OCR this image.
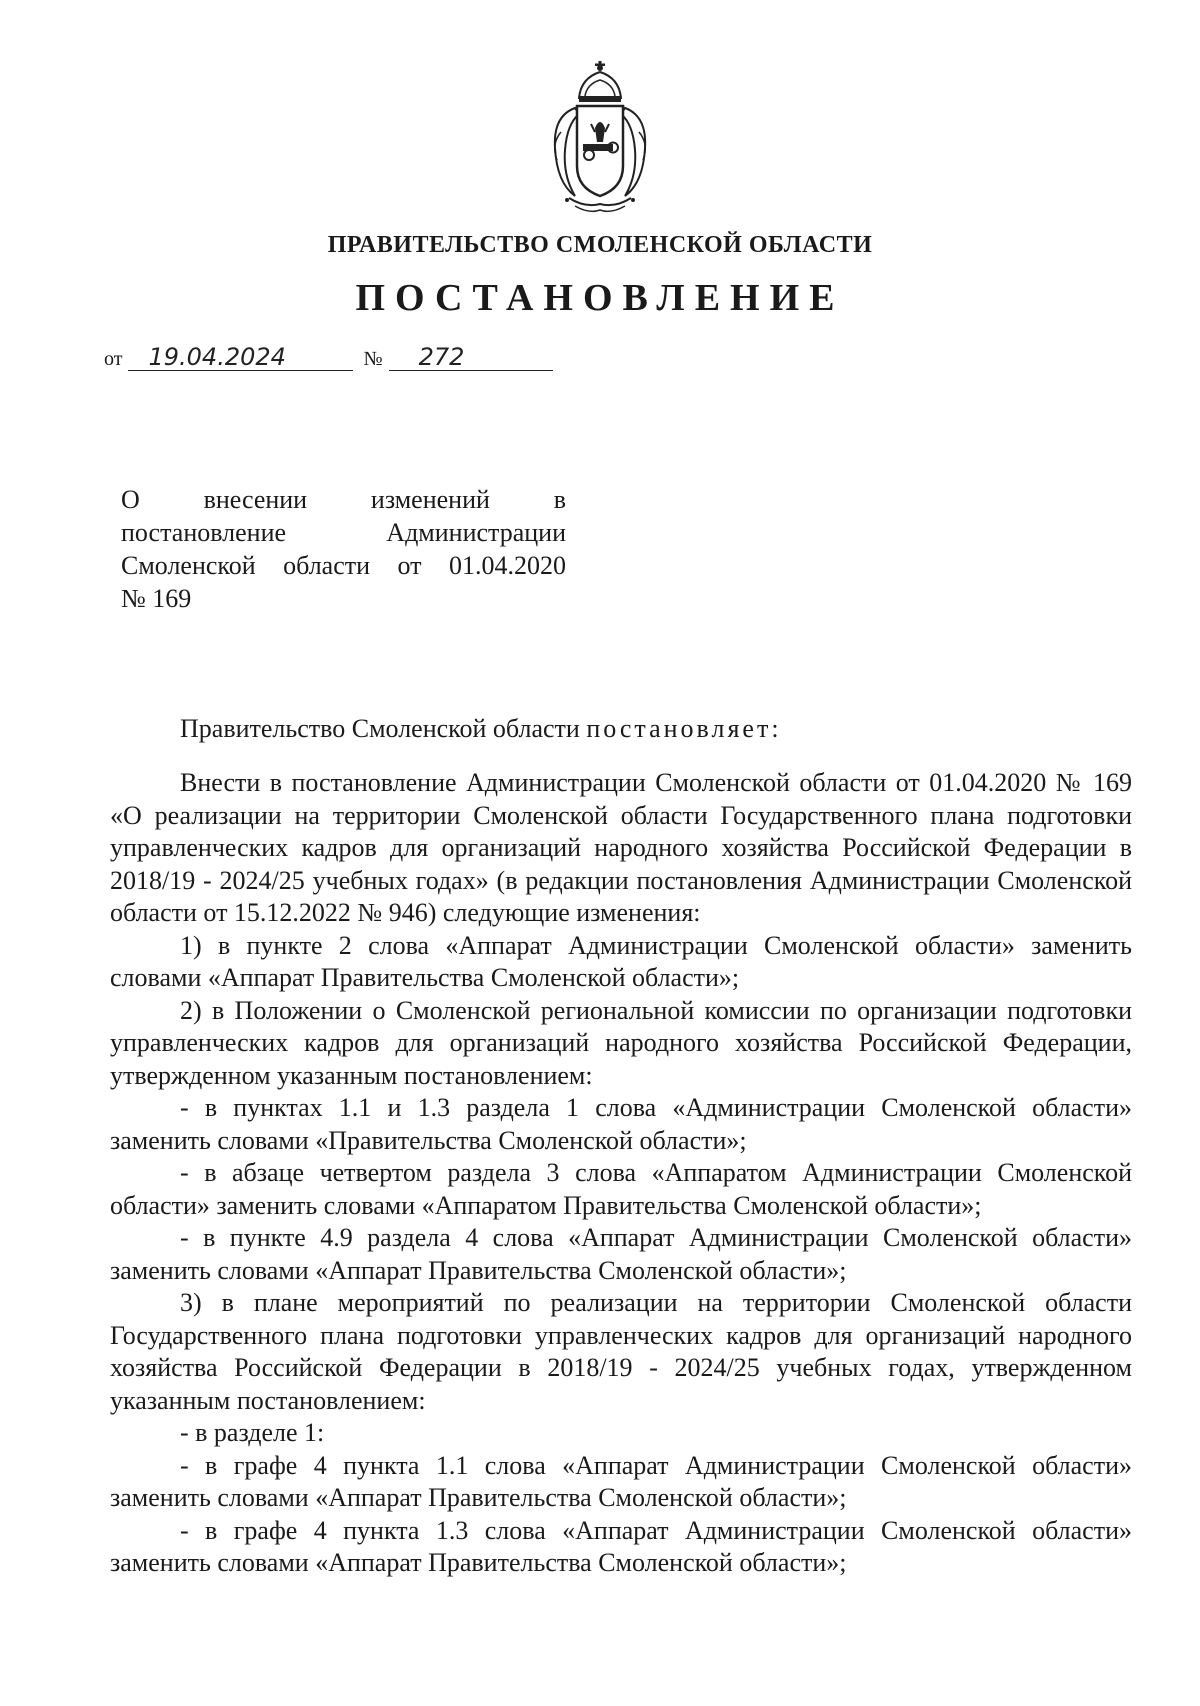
ПРАВИТЕЛЬСТВО СМОЛЕНСКОЙ ОБЛАСТИ
ПОСТАНОВЛЕНИЕ
от	19.04.2024	№	272
О внесении изменений в
постановление Администрации
Смоленской области от 01.04.2020
№ 169
Правительство Смоленской области постановляет:

Внести в постановление Администрации Смоленской области от 01.04.2020 № 169 «О реализации на территории Смоленской области Государственного плана подготовки управленческих кадров для организаций народного хозяйства Российской Федерации в 2018/19 - 2024/25 учебных годах» (в редакции постановления Администрации Смоленской области от 15.12.2022 № 946) следующие изменения:

1) в пункте 2 слова «Аппарат Администрации Смоленской области» заменить словами «Аппарат Правительства Смоленской области»;

2) в Положении о Смоленской региональной комиссии по организации подготовки управленческих кадров для организаций народного хозяйства Российской Федерации, утвержденном указанным постановлением:

- в пунктах 1.1 и 1.3 раздела 1 слова «Администрации Смоленской области» заменить словами «Правительства Смоленской области»;

- в абзаце четвертом раздела 3 слова «Аппаратом Администрации Смоленской области» заменить словами «Аппаратом Правительства Смоленской области»;

- в пункте 4.9 раздела 4 слова «Аппарат Администрации Смоленской области» заменить словами «Аппарат Правительства Смоленской области»;

3) в плане мероприятий по реализации на территории Смоленской области Государственного плана подготовки управленческих кадров для организаций народного хозяйства Российской Федерации в 2018/19 - 2024/25 учебных годах, утвержденном указанным постановлением:

- в разделе 1:

- в графе 4 пункта 1.1 слова «Аппарат Администрации Смоленской области» заменить словами «Аппарат Правительства Смоленской области»;

- в графе 4 пункта 1.3 слова «Аппарат Администрации Смоленской области» заменить словами «Аппарат Правительства Смоленской области»;
